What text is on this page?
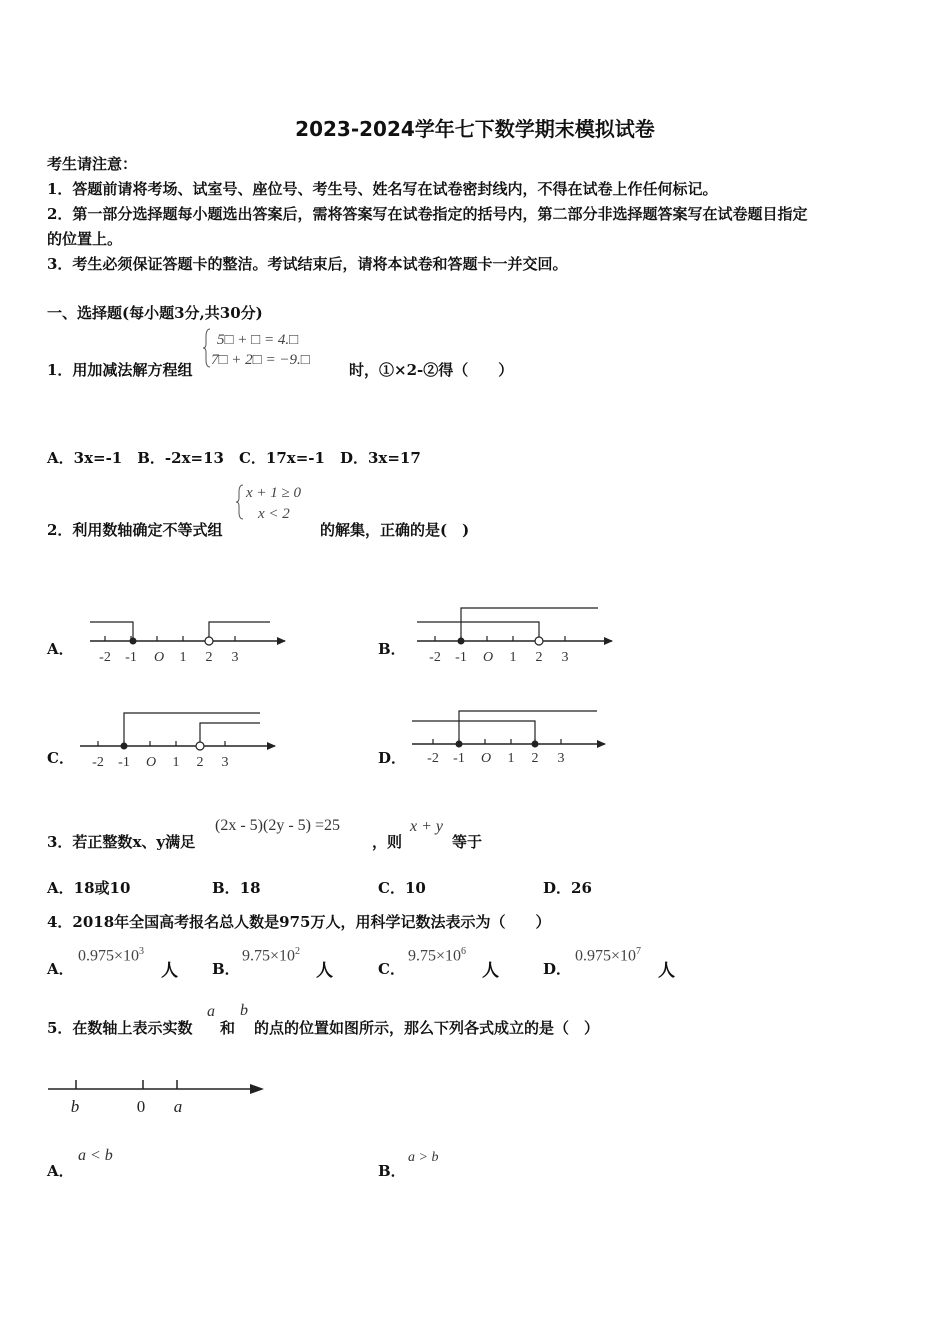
2023-2024学年七下数学期末模拟试卷
考生请注意：
1．答题前请将考场、试室号、座位号、考生号、姓名写在试卷密封线内，不得在试卷上作任何标记。
2．第一部分选择题每小题选出答案后，需将答案写在试卷指定的括号内，第二部分非选择题答案写在试卷题目指定
的位置上。
3．考生必须保证答题卡的整洁。考试结束后，请将本试卷和答题卡一并交回。
一、选择题(每小题3分,共30分)
1．用加减法解方程组
5□ + □ = 4.□
7□ + 2□ = −9.□
时，①×2-②得（　　）
A．3x=-1　B．-2x=13　C．17x=-1　D．3x=17
x + 1 ≥ 0
x < 2
2．利用数轴确定不等式组	的解集，正确的是(　)
A．	B．
C．	D．
-2 -1 O 1 2 3	-2 -1 O 1 2 3
-2 -1 O 1 2 3	-2 -1 O 1 2 3
3．若正整数x、y满足
(2x - 5)(2y - 5) =25
，则
x + y
等于
A．18或10	B．18	C．10	D．26
4．2018年全国高考报名总人数是975万人，用科学记数法表示为（　　）
A．
$0.975\times 10^3$
人 B．
$9.75\times 10^2$
人	C．
$9.75\times 10^6$
人	D．
$0.975\times 10^7$
人
5．在数轴上表示实数
a
和
b
的点的位置如图所示，那么下列各式成立的是（　）
b	0 a
A．
a < b
B．
a > b
